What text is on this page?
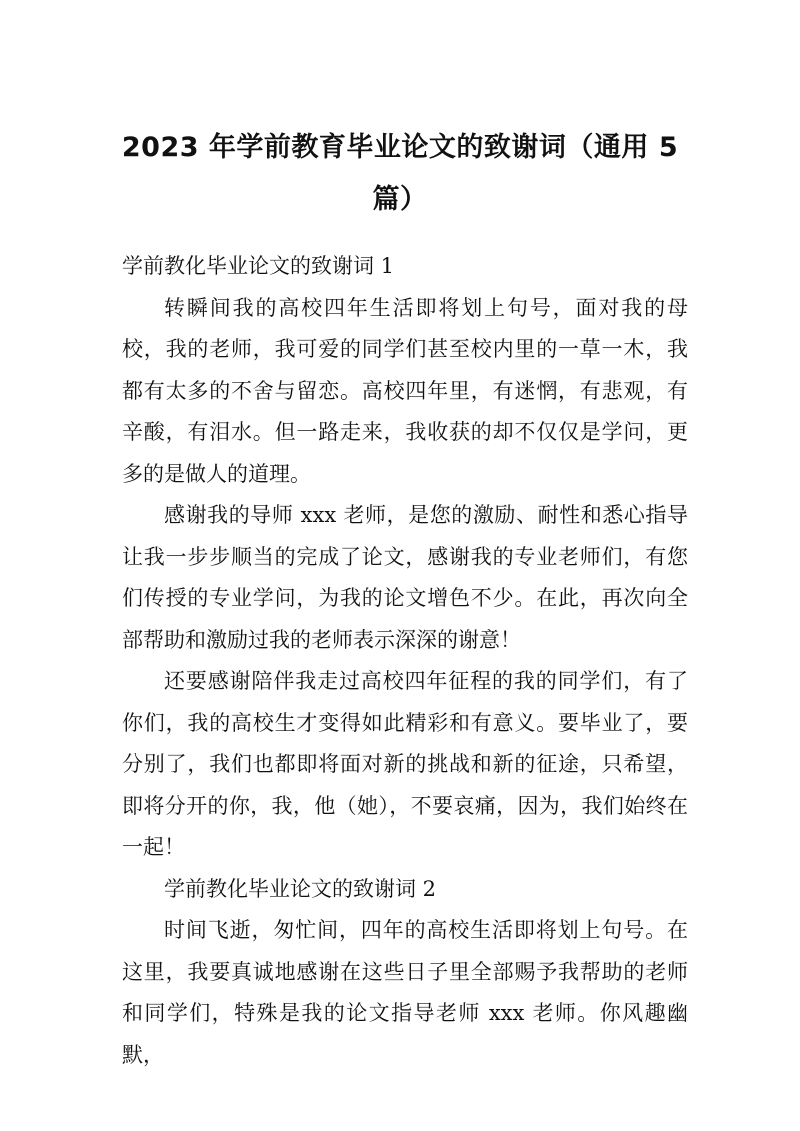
2023 年学前教育毕业论文的致谢词（通用 5 篇）

学前教化毕业论文的致谢词 1

转瞬间我的高校四年生活即将划上句号，面对我的母校，我的老师，我可爱的同学们甚至校内里的一草一木，我都有太多的不舍与留恋。高校四年里，有迷惘，有悲观，有辛酸，有泪水。但一路走来，我收获的却不仅仅是学问，更多的是做人的道理。

感谢我的导师 xxx 老师，是您的激励、耐性和悉心指导让我一步步顺当的完成了论文，感谢我的专业老师们，有您们传授的专业学问，为我的论文增色不少。在此，再次向全部帮助和激励过我的老师表示深深的谢意！

还要感谢陪伴我走过高校四年征程的我的同学们，有了你们，我的高校生才变得如此精彩和有意义。要毕业了，要分别了，我们也都即将面对新的挑战和新的征途，只希望，即将分开的你，我，他（她），不要哀痛，因为，我们始终在一起！

学前教化毕业论文的致谢词 2

时间飞逝，匆忙间，四年的高校生活即将划上句号。在这里，我要真诚地感谢在这些日子里全部赐予我帮助的老师和同学们，特殊是我的论文指导老师 xxx 老师。你风趣幽默，
